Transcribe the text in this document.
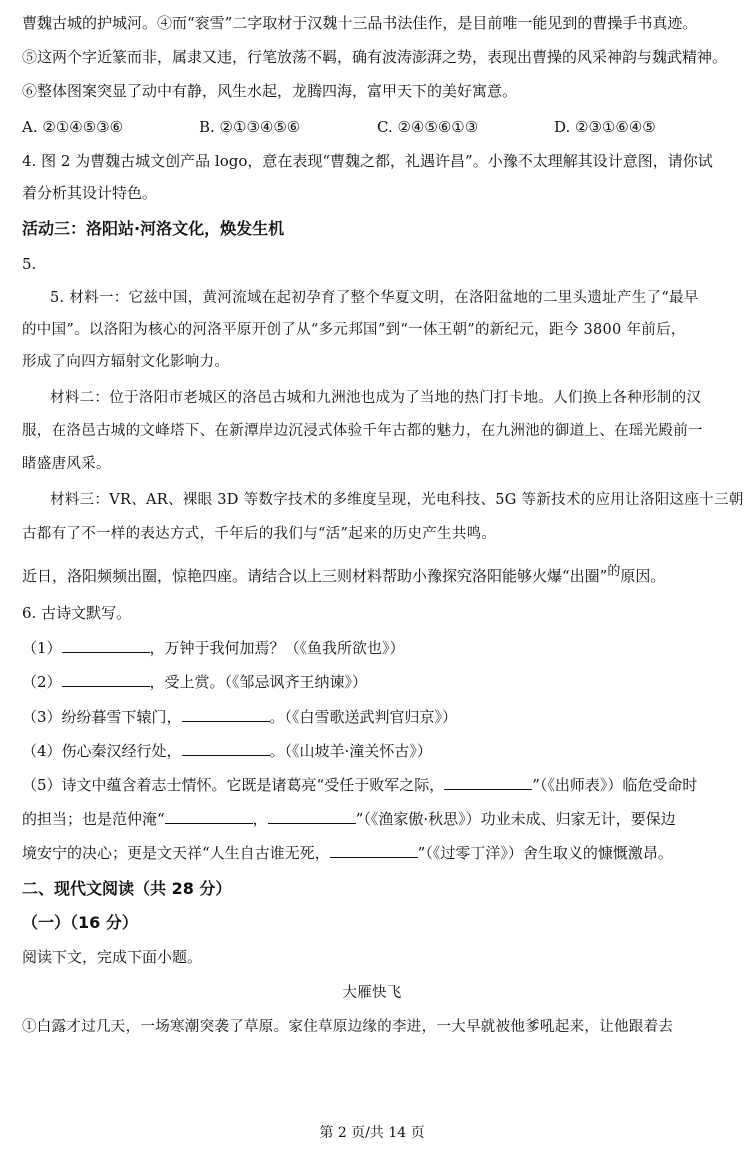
曹魏古城的护城河。④而“衮雪”二字取材于汉魏十三品书法佳作，是目前唯一能见到的曹操手书真迹。

⑤这两个字近篆而非，属隶又违，行笔放荡不羁，确有波涛澎湃之势，表现出曹操的风采神韵与魏武精神。

⑥整体图案突显了动中有静，风生水起，龙腾四海，富甲天下的美好寓意。

A. ②①④⑤③⑥	B. ②①③④⑤⑥	C. ②④⑤⑥①③	D. ②③①⑥④⑤

4. 图 2 为曹魏古城文创产品 logo，意在表现“曹魏之都，礼遇许昌”。小豫不太理解其设计意图，请你试

着分析其设计特色。

活动三：洛阳站·河洛文化，焕发生机

5.

5. 材料一：它兹中国，黄河流域在起初孕育了整个华夏文明，在洛阳盆地的二里头遗址产生了“最早

的中国”。以洛阳为核心的河洛平原开创了从“多元邦国”到“一体王朝”的新纪元，距今 3800 年前后，

形成了向四方辐射文化影响力。

材料二：位于洛阳市老城区的洛邑古城和九洲池也成为了当地的热门打卡地。人们换上各种形制的汉

服，在洛邑古城的文峰塔下、在新潭岸边沉浸式体验千年古都的魅力，在九洲池的御道上、在瑶光殿前一

睹盛唐风采。

材料三：VR、AR、裸眼 3D 等数字技术的多维度呈现，光电科技、5G 等新技术的应用让洛阳这座十三朝

古都有了不一样的表达方式，千年后的我们与“活”起来的历史产生共鸣。

近日，洛阳频频出圈，惊艳四座。请结合以上三则材料帮助小豫探究洛阳能够火爆“出圈”的原因。

6. 古诗文默写。

（1）	，万钟于我何加焉？（《鱼我所欲也》）

（2）	，受上赏。（《邹忌讽齐王纳谏》）

（3）纷纷暮雪下辕门，	。（《白雪歌送武判官归京》）

（4）伤心秦汉经行处，	。（《山坡羊·潼关怀古》）

（5）诗文中蕴含着志士情怀。它既是诸葛亮“受任于败军之际，	”（《出师表》）临危受命时

的担当；也是范仲淹“	，	”（《渔家傲·秋思》）功业未成、归家无计，要保边

境安宁的决心；更是文天祥“人生自古谁无死，	”（《过零丁洋》）舍生取义的慷慨激昂。

二、现代文阅读（共 28 分）

（一）（16 分）

阅读下文，完成下面小题。

大雁快飞

①白露才过几天，一场寒潮突袭了草原。家住草原边缘的李进，一大早就被他爹吼起来，让他跟着去

第 2 页/共 14 页
